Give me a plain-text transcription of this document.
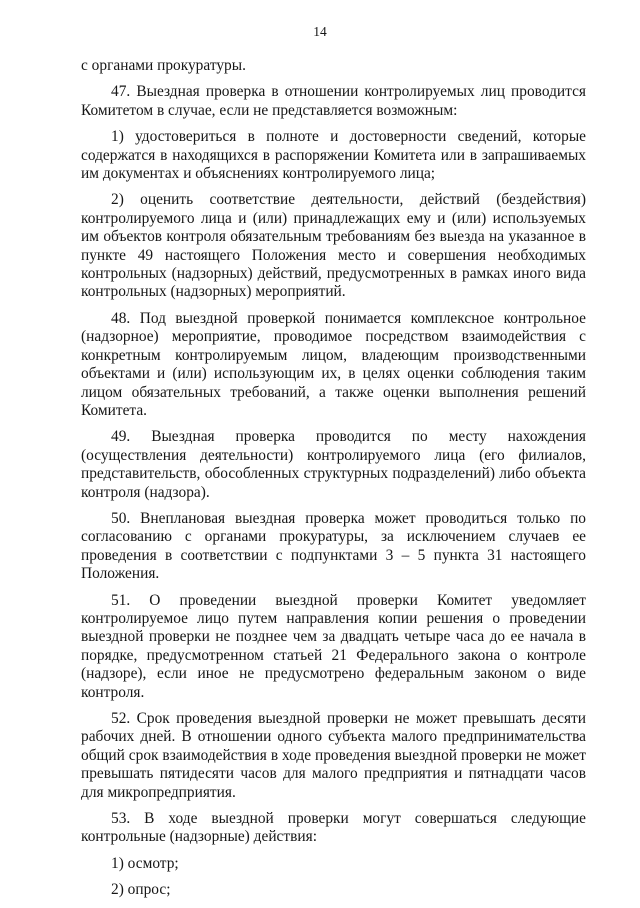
14

с органами прокуратуры.

47. Выездная проверка в отношении контролируемых лиц проводится Комитетом в случае, если не представляется возможным:

1) удостовериться в полноте и достоверности сведений, которые содержатся в находящихся в распоряжении Комитета или в запрашиваемых им документах и объяснениях контролируемого лица;

2) оценить соответствие деятельности, действий (бездействия) контролируемого лица и (или) принадлежащих ему и (или) используемых им объектов контроля обязательным требованиям без выезда на указанное в пункте 49 настоящего Положения место и совершения необходимых контрольных (надзорных) действий, предусмотренных в рамках иного вида контрольных (надзорных) мероприятий.

48. Под выездной проверкой понимается комплексное контрольное (надзорное) мероприятие, проводимое посредством взаимодействия с конкретным контролируемым лицом, владеющим производственными объектами и (или) использующим их, в целях оценки соблюдения таким лицом обязательных требований, а также оценки выполнения решений Комитета.

49. Выездная проверка проводится по месту нахождения (осуществления деятельности) контролируемого лица (его филиалов, представительств, обособленных структурных подразделений) либо объекта контроля (надзора).

50. Внеплановая выездная проверка может проводиться только по согласованию с органами прокуратуры, за исключением случаев ее проведения в соответствии с подпунктами 3 – 5 пункта 31 настоящего Положения.

51. О проведении выездной проверки Комитет уведомляет контролируемое лицо путем направления копии решения о проведении выездной проверки не позднее чем за двадцать четыре часа до ее начала в порядке, предусмотренном статьей 21 Федерального закона о контроле (надзоре), если иное не предусмотрено федеральным законом о виде контроля.

52. Срок проведения выездной проверки не может превышать десяти рабочих дней. В отношении одного субъекта малого предпринимательства общий срок взаимодействия в ходе проведения выездной проверки не может превышать пятидесяти часов для малого предприятия и пятнадцати часов для микропредприятия.

53. В ходе выездной проверки могут совершаться следующие контрольные (надзорные) действия:

1) осмотр;

2) опрос;
